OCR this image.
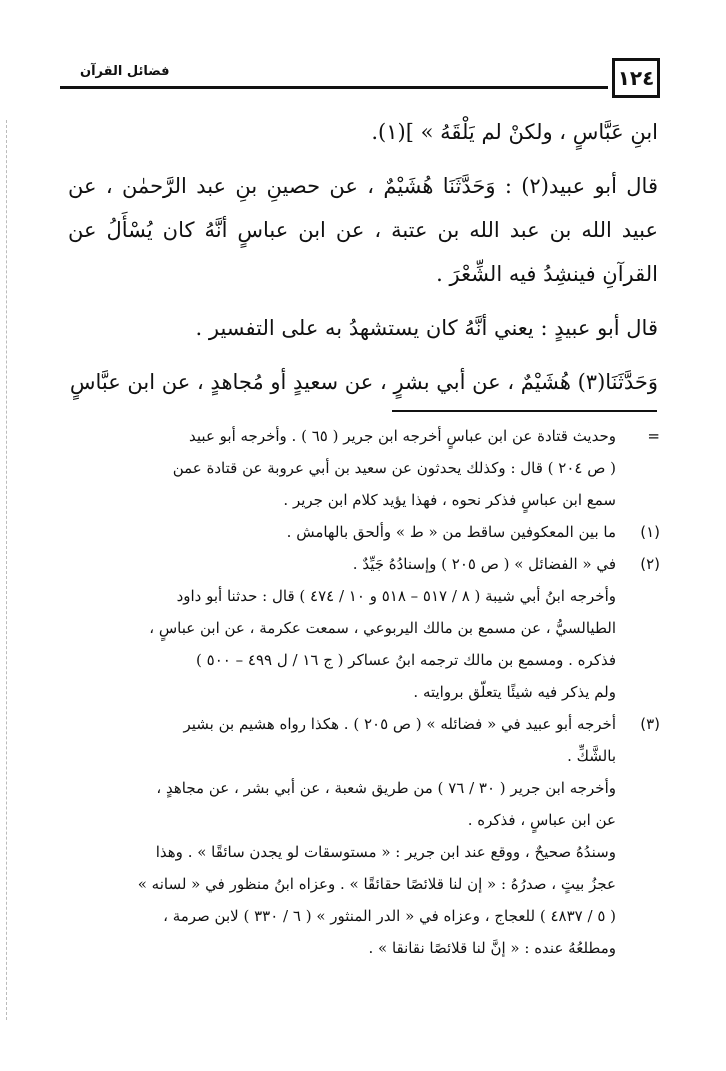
١٢٤
فضائل القرآن

ابنِ عَبَّاسٍ ، ولكنْ لم يَلْقَهُ » ](١).

قال أبو عبيد(٢) : وَحَدَّثَنَا هُشَيْمٌ ، عن حصينِ بنِ عبد الرَّحمٰن ، عن عبيد الله بن عبد الله بن عتبة ، عن ابن عباسٍ أنَّهُ كان يُسْأَلُ عن القرآنِ فينشِدُ فيه الشِّعْرَ .

قال أبو عبيدٍ : يعني أنَّهُ كان يستشهدُ به على التفسير .

وَحَدَّثَنَا(٣) هُشَيْمٌ ، عن أبي بشرٍ ، عن سعيدٍ أو مُجاهدٍ ، عن ابن عبَّاسٍ

=
وحديث قتادة عن ابن عباسٍ أخرجه ابن جرير ( ٦٥ ) . وأخرجه أبو عبيد
( ص ٢٠٤ ) قال : وكذلك يحدثون عن سعيد بن أبي عروبة عن قتادة عمن
سمع ابن عباسٍ فذكر نحوه ، فهذا يؤيد كلام ابن جرير .
(١)
ما بين المعكوفين ساقط من « ط » وألحق بالهامش .
(٢)
في « الفضائل » ( ص ٢٠٥ ) وإسنادُهُ جَيِّدٌ .
وأخرجه ابنُ أبي شيبة ( ٨ / ٥١٧ – ٥١٨ و ١٠ / ٤٧٤ ) قال : حدثنا أبو داود
الطيالسيُّ ، عن مسمع بن مالك اليربوعي ، سمعت عكرمة ، عن ابن عباسٍ ،
فذكره . ومسمع بن مالك ترجمه ابنُ عساكر ( ج ١٦ / ل ٤٩٩ – ٥٠٠ )
ولم يذكر فيه شيئًا يتعلّق بروايته .
(٣)
أخرجه أبو عبيد في « فضائله » ( ص ٢٠٥ ) . هكذا رواه هشيم بن بشير
بالشَّكِّ .
وأخرجه ابن جرير ( ٣٠ / ٧٦ ) من طريق شعبة ، عن أبي بشر ، عن مجاهدٍ ،
عن ابن عباسٍ ، فذكره .
وسندُهُ صحيحٌ ، ووقع عند ابن جرير : « مستوسقات لو يجدن سائقًا » . وهذا
عجزُ بيتٍ ، صدرُهُ : « إن لنا قلائصًا حقائقًا » . وعزاه ابنُ منظور في « لسانه »
( ٥ / ٤٨٣٧ ) للعجاج ، وعزاه في « الدر المنثور » ( ٦ / ٣٣٠ ) لابن صرمة ،
ومطلعُهُ عنده : « إنَّ لنا قلائصًا نقانقا » .
